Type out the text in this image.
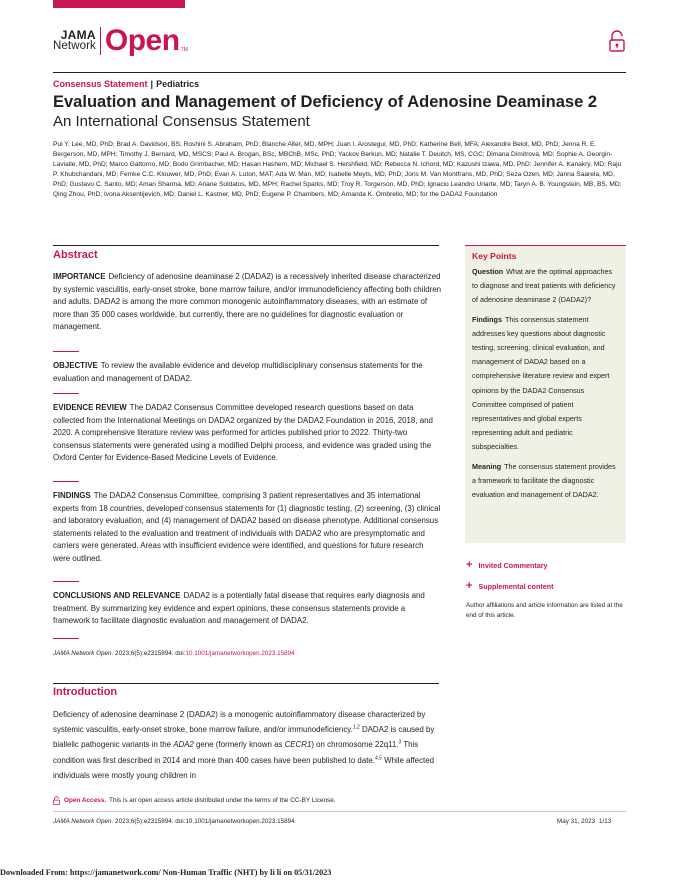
JAMA
Network Open TM
Consensus Statement | Pediatrics
Evaluation and Management of Deficiency of Adenosine Deaminase 2
An International Consensus Statement
Pui Y. Lee, MD, PhD; Brad A. Davidson, BS; Roshini S. Abraham, PhD; Blanche Alter, MD, MPH; Juan I. Arostegui, MD, PhD; Katherine Bell, MFA; Alexandre Belot, MD, PhD; Jenna R. E. Bergerson, MD, MPH; Timothy J. Bernard, MD, MSCS; Paul A. Brogan, BSc, MBChB, MSc, PhD; Yackov Berkun, MD; Natalie T. Deuitch, MS, CGC; Dimana Dimitrova, MD; Sophie A. Georgin-Lavialle, MD, PhD; Marco Gattorno, MD; Bodo Grimbacher, MD; Hasan Hashem, MD; Michael S. Hershfield, MD; Rebecca N. Ichord, MD; Kazushi Izawa, MD, PhD; Jennifer A. Kanakry, MD; Raju P. Khubchandani, MD; Femke C.C. Klouwer, MD, PhD; Evan A. Luton, MAT; Ada W. Man, MD; Isabelle Meyts, MD, PhD; Joris M. Van Montfrans, MD, PhD; Seza Ozen, MD; Janna Saarela, MD, PhD; Gustavo C. Santo, MD; Aman Sharma, MD; Ariane Soldatos, MD, MPH; Rachel Sparks, MD; Troy R. Torgerson, MD, PhD; Ignacio Leandro Uriarte, MD; Taryn A. B. Youngstein, MB, BS, MD; Qing Zhou, PhD; Ivona Aksentijevich, MD; Daniel L. Kastner, MD, PhD; Eugene P. Chambers, MD; Amanda K. Ombrello, MD; for the DADA2 Foundation
Abstract
IMPORTANCE Deficiency of adenosine deaminase 2 (DADA2) is a recessively inherited disease characterized by systemic vasculitis, early-onset stroke, bone marrow failure, and/or immunodeficiency affecting both children and adults. DADA2 is among the more common monogenic autoinflammatory diseases, with an estimate of more than 35 000 cases worldwide, but currently, there are no guidelines for diagnostic evaluation or management.
OBJECTIVE To review the available evidence and develop multidisciplinary consensus statements for the evaluation and management of DADA2.
EVIDENCE REVIEW The DADA2 Consensus Committee developed research questions based on data collected from the International Meetings on DADA2 organized by the DADA2 Foundation in 2016, 2018, and 2020. A comprehensive literature review was performed for articles published prior to 2022. Thirty-two consensus statements were generated using a modified Delphi process, and evidence was graded using the Oxford Center for Evidence-Based Medicine Levels of Evidence.
FINDINGS The DADA2 Consensus Committee, comprising 3 patient representatives and 35 international experts from 18 countries, developed consensus statements for (1) diagnostic testing, (2) screening, (3) clinical and laboratory evaluation, and (4) management of DADA2 based on disease phenotype. Additional consensus statements related to the evaluation and treatment of individuals with DADA2 who are presymptomatic and carriers were generated. Areas with insufficient evidence were identified, and questions for future research were outlined.
CONCLUSIONS AND RELEVANCE DADA2 is a potentially fatal disease that requires early diagnosis and treatment. By summarizing key evidence and expert opinions, these consensus statements provide a framework to facilitate diagnostic evaluation and management of DADA2.
JAMA Network Open. 2023;6(5):e2315894. doi:10.1001/jamanetworkopen.2023.15894
Introduction
Deficiency of adenosine deaminase 2 (DADA2) is a monogenic autoinflammatory disease characterized by systemic vasculitis, early-onset stroke, bone marrow failure, and/or immunodeficiency.$^{1,2}$ DADA2 is caused by biallelic pathogenic variants in the ADA2 gene (formerly known as CECR1) on chromosome 22q11.$^3$ This condition was first described in 2014 and more than 400 cases have been published to date.$^{4,5}$ While affected individuals were mostly young children in
Key Points
Question What are the optimal approaches to diagnose and treat patients with deficiency of adenosine deaminase 2 (DADA2)?
Findings This consensus statement addresses key questions about diagnostic testing, screening, clinical evaluation, and management of DADA2 based on a comprehensive literature review and expert opinions by the DADA2 Consensus Committee comprised of patient representatives and global experts representing adult and pediatric subspecialties.
Meaning The consensus statement provides a framework to facilitate the diagnostic evaluation and management of DADA2.
+ Invited Commentary
+ Supplemental content
Author affiliations and article information are listed at the end of this article.
Open Access. This is an open access article distributed under the terms of the CC-BY License.
JAMA Network Open. 2023;6(5):e2315894. doi:10.1001/jamanetworkopen.2023.15894	May 31, 2023 1/13
Downloaded From: https://jamanetwork.com/ Non-Human Traffic (NHT) by li li on 05/31/2023
